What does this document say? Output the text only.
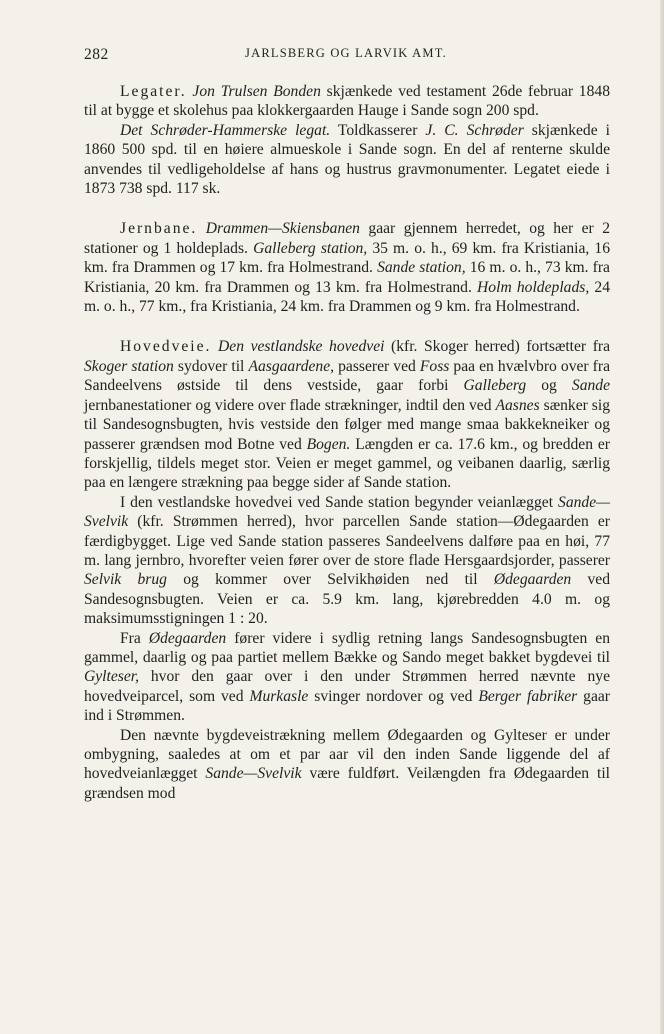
282	JARLSBERG OG LARVIK AMT.

Legater. Jon Trulsen Bonden skjænkede ved testament 26de februar 1848 til at bygge et skolehus paa klokkergaarden Hauge i Sande sogn 200 spd.

Det Schrøder-Hammerske legat. Toldkasserer J. C. Schrøder skjænkede i 1860 500 spd. til en høiere almueskole i Sande sogn. En del af renterne skulde anvendes til vedligeholdelse af hans og hustrus gravmonumenter. Legatet eiede i 1873 738 spd. 117 sk.

Jernbane. Drammen—Skiensbanen gaar gjennem herredet, og her er 2 stationer og 1 holdeplads. Galleberg station, 35 m. o. h., 69 km. fra Kristiania, 16 km. fra Drammen og 17 km. fra Holmestrand. Sande station, 16 m. o. h., 73 km. fra Kristiania, 20 km. fra Drammen og 13 km. fra Holmestrand. Holm holdeplads, 24 m. o. h., 77 km., fra Kristiania, 24 km. fra Drammen og 9 km. fra Holmestrand.

Hovedveie. Den vestlandske hovedvei (kfr. Skoger herred) fortsætter fra Skoger station sydover til Aasgaardene, passerer ved Foss paa en hvælvbro over fra Sandeelvens østside til dens vestside, gaar forbi Galleberg og Sande jernbanestationer og videre over flade strækninger, indtil den ved Aasnes sænker sig til Sandesognsbugten, hvis vestside den følger med mange smaa bakkekneiker og passerer grændsen mod Botne ved Bogen. Længden er ca. 17.6 km., og bredden er forskjellig, tildels meget stor. Veien er meget gammel, og veibanen daarlig, særlig paa en længere strækning paa begge sider af Sande station.

I den vestlandske hovedvei ved Sande station begynder veianlægget Sande—Svelvik (kfr. Strømmen herred), hvor parcellen Sande station—Ødegaarden er færdigbygget. Lige ved Sande station passeres Sandeelvens dalføre paa en høi, 77 m. lang jernbro, hvorefter veien fører over de store flade Hersgaardsjorder, passerer Selvik brug og kommer over Selvikhøiden ned til Ødegaarden ved Sandesognsbugten. Veien er ca. 5.9 km. lang, kjørebredden 4.0 m. og maksimumsstigningen 1 : 20.

Fra Ødegaarden fører videre i sydlig retning langs Sandesognsbugten en gammel, daarlig og paa partiet mellem Bække og Sando meget bakket bygdevei til Gylteser, hvor den gaar over i den under Strømmen herred nævnte nye hovedveiparcel, som ved Murkasle svinger nordover og ved Berger fabriker gaar ind i Strømmen.

Den nævnte bygdeveistrækning mellem Ødegaarden og Gylteser er under ombygning, saaledes at om et par aar vil den inden Sande liggende del af hovedveianlægget Sande—Svelvik være fuldført. Veilængden fra Ødegaarden til grændsen mod
